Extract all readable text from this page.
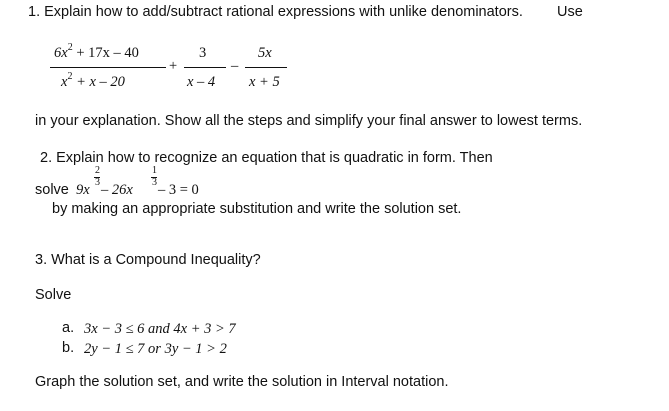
1. Explain how to add/subtract rational expressions with unlike denominators. Use
$6x^2 + 17x - 40$
$x^2 + x - 20$
+
3
x – 4
–
5x
x + 5
in your explanation. Show all the steps and simplify your final answer to lowest terms.
2. Explain how to recognize an equation that is quadratic in form. Then
solve 9x
2
3 – 26x
1
3 – 3 = 0
by making an appropriate substitution and write the solution set.
3. What is a Compound Inequality?
Solve
a. 3x − 3 ≤ 6 and 4x + 3 > 7
b. 2y − 1 ≤ 7 or 3y − 1 > 2
Graph the solution set, and write the solution in Interval notation.
